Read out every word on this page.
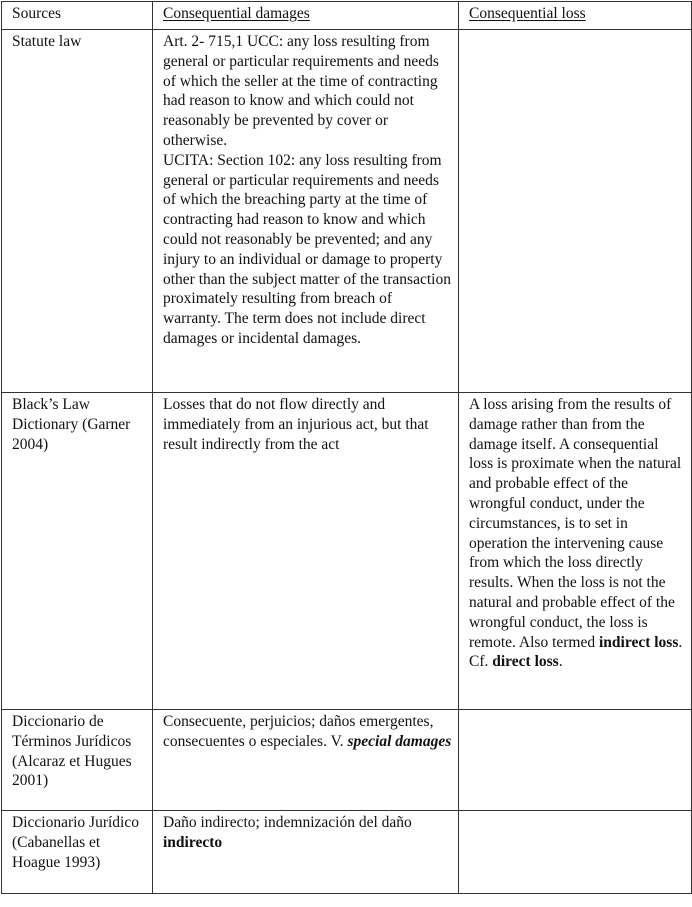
Sources	Consequential damages	Consequential loss
Statute law	Art. 2- 715,1 UCC: any loss resulting from general or particular requirements and needs of which the seller at the time of contracting had reason to know and which could not reasonably be prevented by cover or otherwise.
UCITA: Section 102: any loss resulting from general or particular requirements and needs of which the breaching party at the time of contracting had reason to know and which could not reasonably be prevented; and any injury to an individual or damage to property other than the subject matter of the transaction proximately resulting from breach of warranty. The term does not include direct damages or incidental damages.	

Black’s Law Dictionary (Garner 2004)	Losses that do not flow directly and immediately from an injurious act, but that result indirectly from the act	A loss arising from the results of damage rather than from the damage itself. A consequential loss is proximate when the natural and probable effect of the wrongful conduct, under the circumstances, is to set in operation the intervening cause from which the loss directly results. When the loss is not the natural and probable effect of the wrongful conduct, the loss is remote. Also termed indirect loss. Cf. direct loss.
Diccionario de Términos Jurídicos (Alcaraz et Hugues 2001)	Consecuente, perjuicios; daños emergentes, consecuentes o especiales. V. special damages	
Diccionario Jurídico (Cabanellas et Hoague 1993)	Daño indirecto; indemnización del daño indirecto	
